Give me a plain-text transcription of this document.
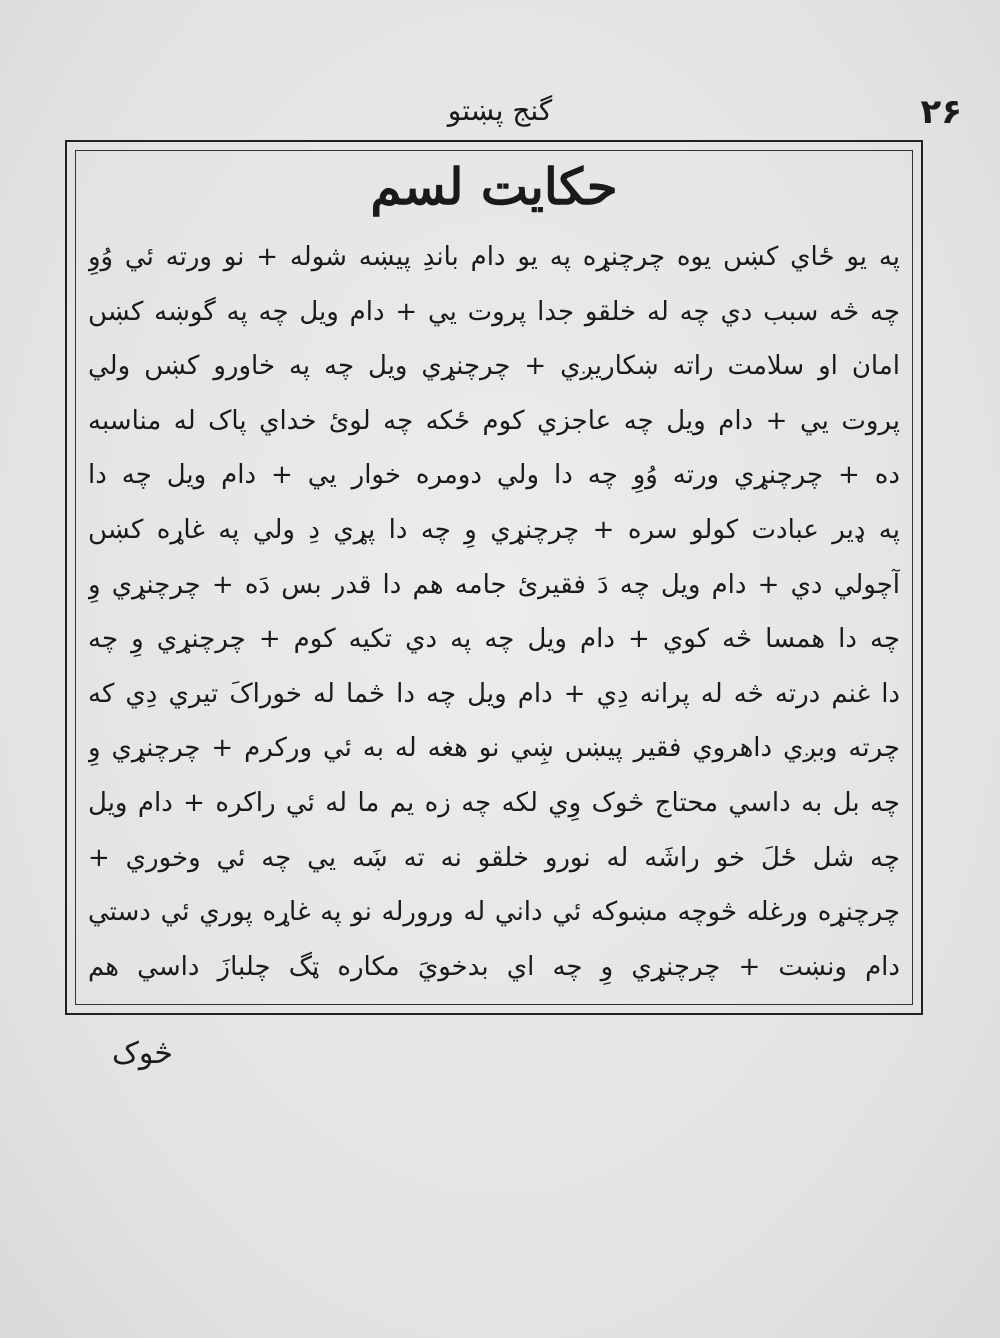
گنج پښتو	۲۶
حکایت لسم
په یو ځاي کښں یوه چرچنړه په یو دام باندِ پیښه شوله + نو ورته ئي وُوِ
چه څه سبب دي چه له خلقو جدا پروت يي + دام ویل چه په گوښه کښں
امان او سلامت راته ښکاريږي + چرچنړي ويل چه په خاورو کښں ولي
پروت يي + دام ويل چه عاجزي کوم ځکه چه لوئ خداي پاک له مناسبه
ده + چرچنړي ورته وُوِ چه دا ولي دومره خوار يي + دام ويل چه دا
په ډير عبادت کولو سره + چرچنړي وِ چه دا پړي دِ ولي په غاړه کښں
آچولي دي + دام ويل چه دَ فقيرئ جامه هم دا قدر بس دَه + چرچنړي وِ
چه دا همسا څه کوي + دام ويل چه په دي تکيه کوم + چرچنړي وِ چه
دا غنم درته څه له پرانه دِي + دام ويل چه دا څما له خوراکَ تيري دِي که
چرته وبږي داهروي فقير پيښں ښِي نو هغه له به ئي ورکرم + چرچنړي وِ
چه بل به داسي محتاج څوک وِي لکه چه زه يم ما له ئي راکره + دام ويل
چه شل ځلَ خو راشَه له نورو خلقو نه ته ښَه يي چه ئي وخوري +
چرچنړه ورغله څوچه مښوکه ئي داني له ورورله نو په غاړه پوري ئي دستي
دام ونښت + چرچنړي وِ چه اي بدخويَ مکاره ټگ چلبازَ داسي هم
څوک
